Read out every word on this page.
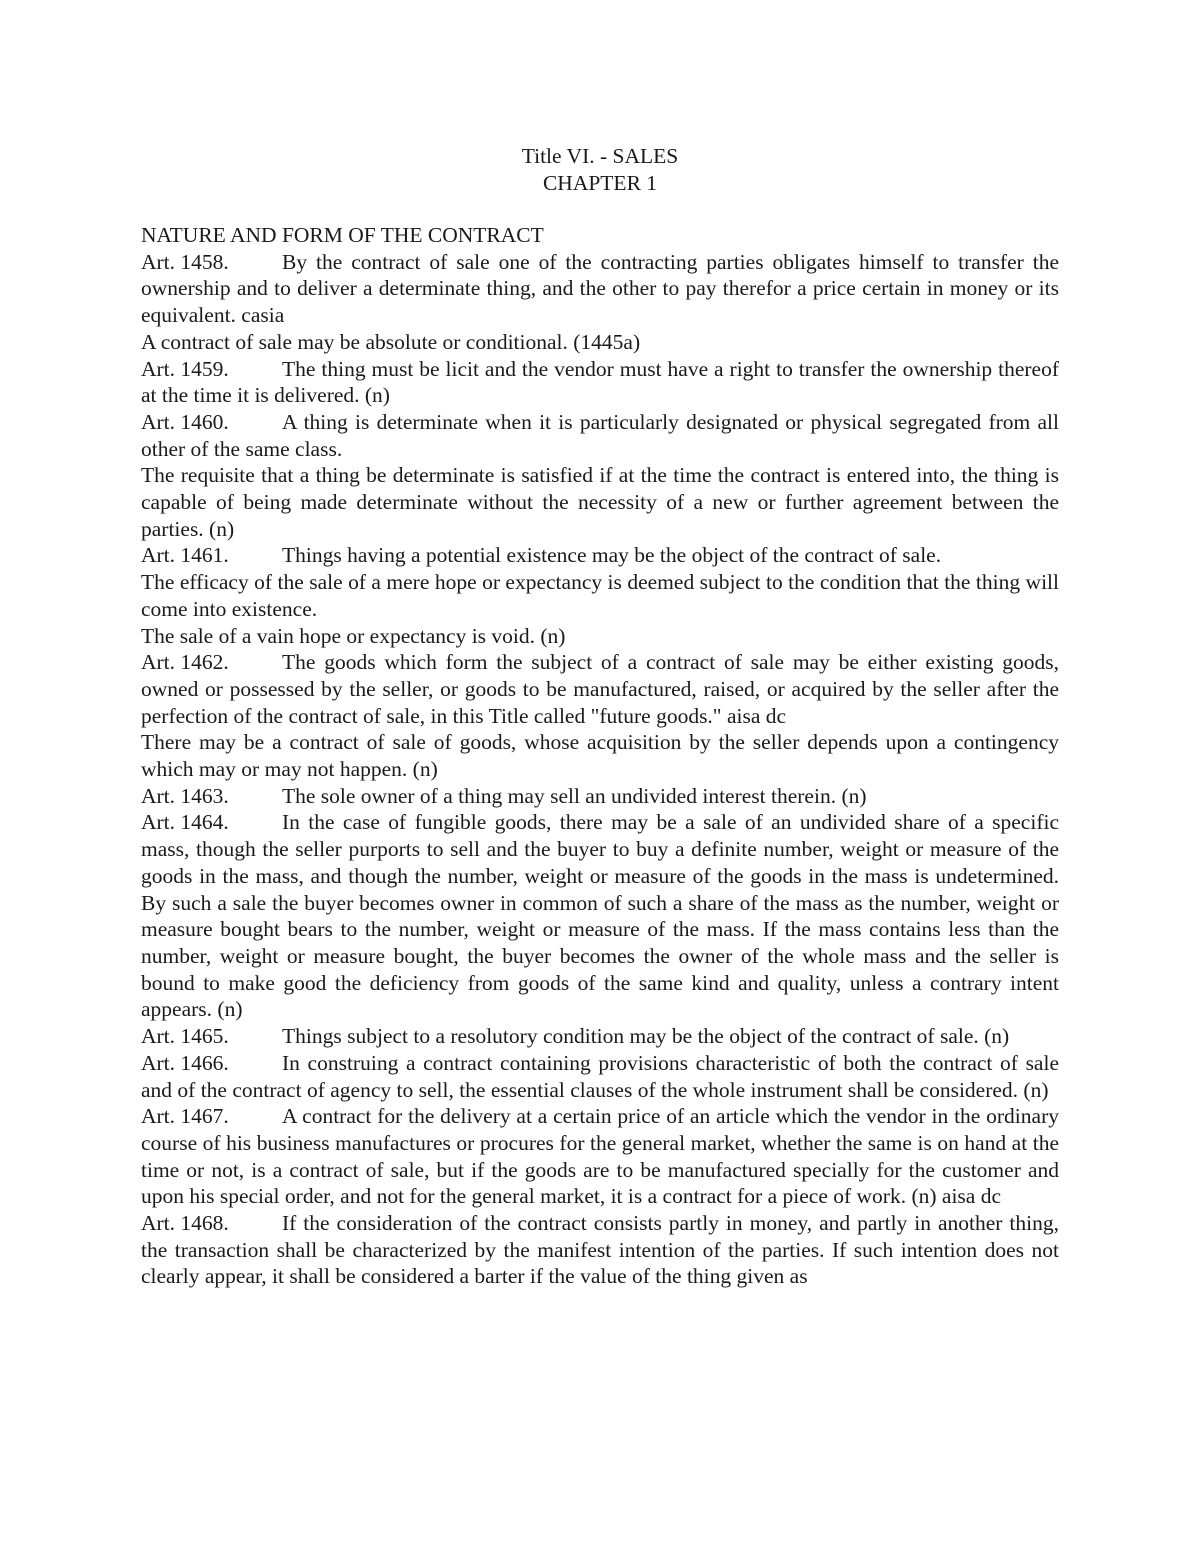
Title VI. - SALES
CHAPTER 1

NATURE AND FORM OF THE CONTRACT

Art. 1458. By the contract of sale one of the contracting parties obligates himself to transfer the ownership and to deliver a determinate thing, and the other to pay therefor a price certain in money or its equivalent. casia

A contract of sale may be absolute or conditional. (1445a)

Art. 1459. The thing must be licit and the vendor must have a right to transfer the ownership thereof at the time it is delivered. (n)

Art. 1460. A thing is determinate when it is particularly designated or physical segregated from all other of the same class.

The requisite that a thing be determinate is satisfied if at the time the contract is entered into, the thing is capable of being made determinate without the necessity of a new or further agreement between the parties. (n)

Art. 1461. Things having a potential existence may be the object of the contract of sale.

The efficacy of the sale of a mere hope or expectancy is deemed subject to the condition that the thing will come into existence.

The sale of a vain hope or expectancy is void. (n)

Art. 1462. The goods which form the subject of a contract of sale may be either existing goods, owned or possessed by the seller, or goods to be manufactured, raised, or acquired by the seller after the perfection of the contract of sale, in this Title called "future goods." aisa dc

There may be a contract of sale of goods, whose acquisition by the seller depends upon a contingency which may or may not happen. (n)

Art. 1463. The sole owner of a thing may sell an undivided interest therein. (n)

Art. 1464. In the case of fungible goods, there may be a sale of an undivided share of a specific mass, though the seller purports to sell and the buyer to buy a definite number, weight or measure of the goods in the mass, and though the number, weight or measure of the goods in the mass is undetermined. By such a sale the buyer becomes owner in common of such a share of the mass as the number, weight or measure bought bears to the number, weight or measure of the mass. If the mass contains less than the number, weight or measure bought, the buyer becomes the owner of the whole mass and the seller is bound to make good the deficiency from goods of the same kind and quality, unless a contrary intent appears. (n)

Art. 1465. Things subject to a resolutory condition may be the object of the contract of sale. (n)

Art. 1466. In construing a contract containing provisions characteristic of both the contract of sale and of the contract of agency to sell, the essential clauses of the whole instrument shall be considered. (n)

Art. 1467. A contract for the delivery at a certain price of an article which the vendor in the ordinary course of his business manufactures or procures for the general market, whether the same is on hand at the time or not, is a contract of sale, but if the goods are to be manufactured specially for the customer and upon his special order, and not for the general market, it is a contract for a piece of work. (n) aisa dc

Art. 1468. If the consideration of the contract consists partly in money, and partly in another thing, the transaction shall be characterized by the manifest intention of the parties. If such intention does not clearly appear, it shall be considered a barter if the value of the thing given as
